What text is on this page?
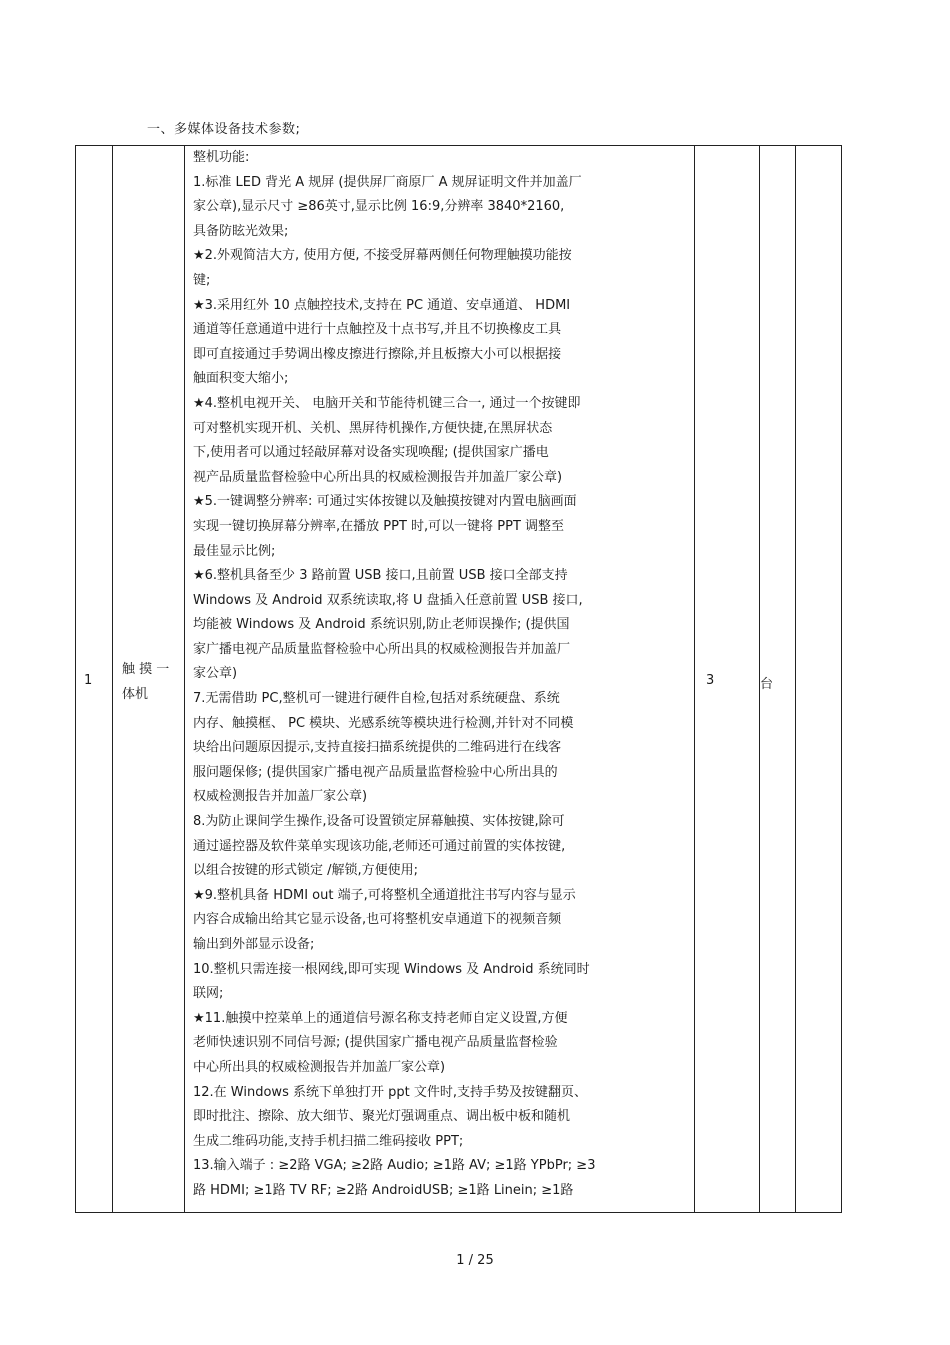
一、多媒体设备技术参数;
1
触 摸 一
体机
3	台
整机功能:
1.标准 LED 背光 A 规屏 (提供屏厂商原厂 A 规屏证明文件并加盖厂
家公章),显示尺寸 ≥86英寸,显示比例 16:9,分辨率 3840*2160,
具备防眩光效果;
★2.外观简洁大方, 使用方便, 不接受屏幕两侧任何物理触摸功能按
键;
★3.采用红外 10 点触控技术,支持在 PC 通道、安卓通道、 HDMI
通道等任意通道中进行十点触控及十点书写,并且不切换橡皮工具
即可直接通过手势调出橡皮擦进行擦除,并且板擦大小可以根据接
触面积变大缩小;
★4.整机电视开关、 电脑开关和节能待机键三合一, 通过一个按键即
可对整机实现开机、关机、黑屏待机操作,方便快捷,在黑屏状态
下,使用者可以通过轻敲屏幕对设备实现唤醒; (提供国家广播电
视产品质量监督检验中心所出具的权威检测报告并加盖厂家公章)
★5.一键调整分辨率: 可通过实体按键以及触摸按键对内置电脑画面
实现一键切换屏幕分辨率,在播放 PPT 时,可以一键将 PPT 调整至
最佳显示比例;
★6.整机具备至少 3 路前置 USB 接口,且前置 USB 接口全部支持
Windows 及 Android 双系统读取,将 U 盘插入任意前置 USB 接口,
均能被 Windows 及 Android 系统识别,防止老师误操作; (提供国
家广播电视产品质量监督检验中心所出具的权威检测报告并加盖厂
家公章)
7.无需借助 PC,整机可一键进行硬件自检,包括对系统硬盘、系统
内存、触摸框、 PC 模块、光感系统等模块进行检测,并针对不同模
块给出问题原因提示,支持直接扫描系统提供的二维码进行在线客
服问题保修; (提供国家广播电视产品质量监督检验中心所出具的
权威检测报告并加盖厂家公章)
8.为防止课间学生操作,设备可设置锁定屏幕触摸、实体按键,除可
通过遥控器及软件菜单实现该功能,老师还可通过前置的实体按键,
以组合按键的形式锁定 /解锁,方便使用;
★9.整机具备 HDMI out 端子,可将整机全通道批注书写内容与显示
内容合成输出给其它显示设备,也可将整机安卓通道下的视频音频
输出到外部显示设备;
10.整机只需连接一根网线,即可实现 Windows 及 Android 系统同时
联网;
★11.触摸中控菜单上的通道信号源名称支持老师自定义设置,方便
老师快速识别不同信号源; (提供国家广播电视产品质量监督检验
中心所出具的权威检测报告并加盖厂家公章)
12.在 Windows 系统下单独打开 ppt 文件时,支持手势及按键翻页、
即时批注、擦除、放大细节、聚光灯强调重点、调出板中板和随机
生成二维码功能,支持手机扫描二维码接收 PPT;
13.输入端子 : ≥2路 VGA; ≥2路 Audio; ≥1路 AV; ≥1路 YPbPr; ≥3
路 HDMI; ≥1路 TV RF; ≥2路 AndroidUSB; ≥1路 Linein; ≥1路
1 / 25
